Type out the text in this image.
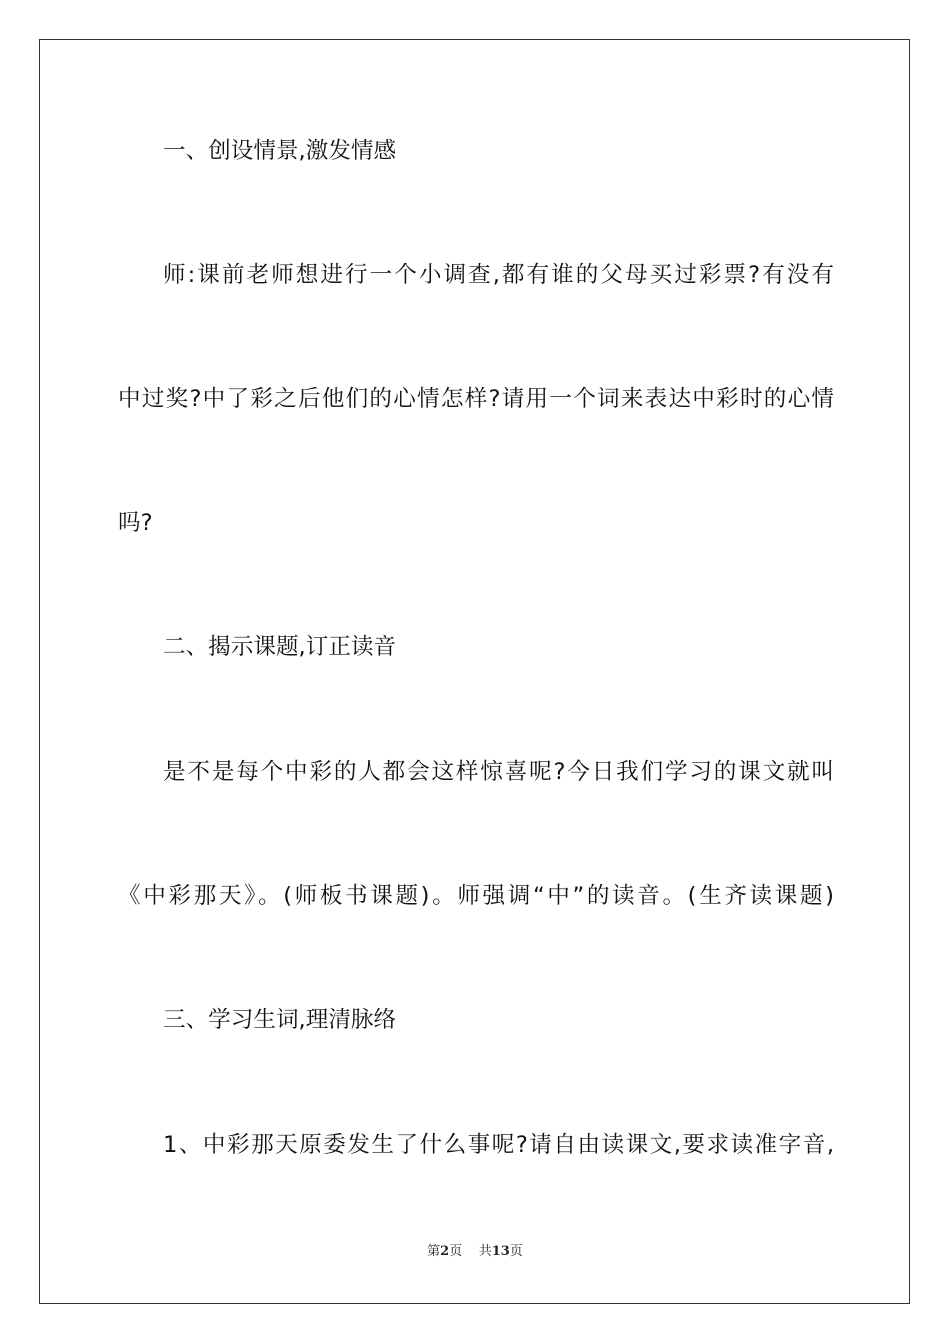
一、创设情景,激发情感
师:课前老师想进行一个小调查,都有谁的父母买过彩票?有没有
中过奖?中了彩之后他们的心情怎样?请用一个词来表达中彩时的心情
吗?
二、揭示课题,订正读音
是不是每个中彩的人都会这样惊喜呢?今日我们学习的课文就叫
《中彩那天》。(师板书课题)。师强调“中”的读音。(生齐读课题)
三、学习生词,理清脉络
1、中彩那天原委发生了什么事呢?请自由读课文,要求读准字音,
第2页 共13页
